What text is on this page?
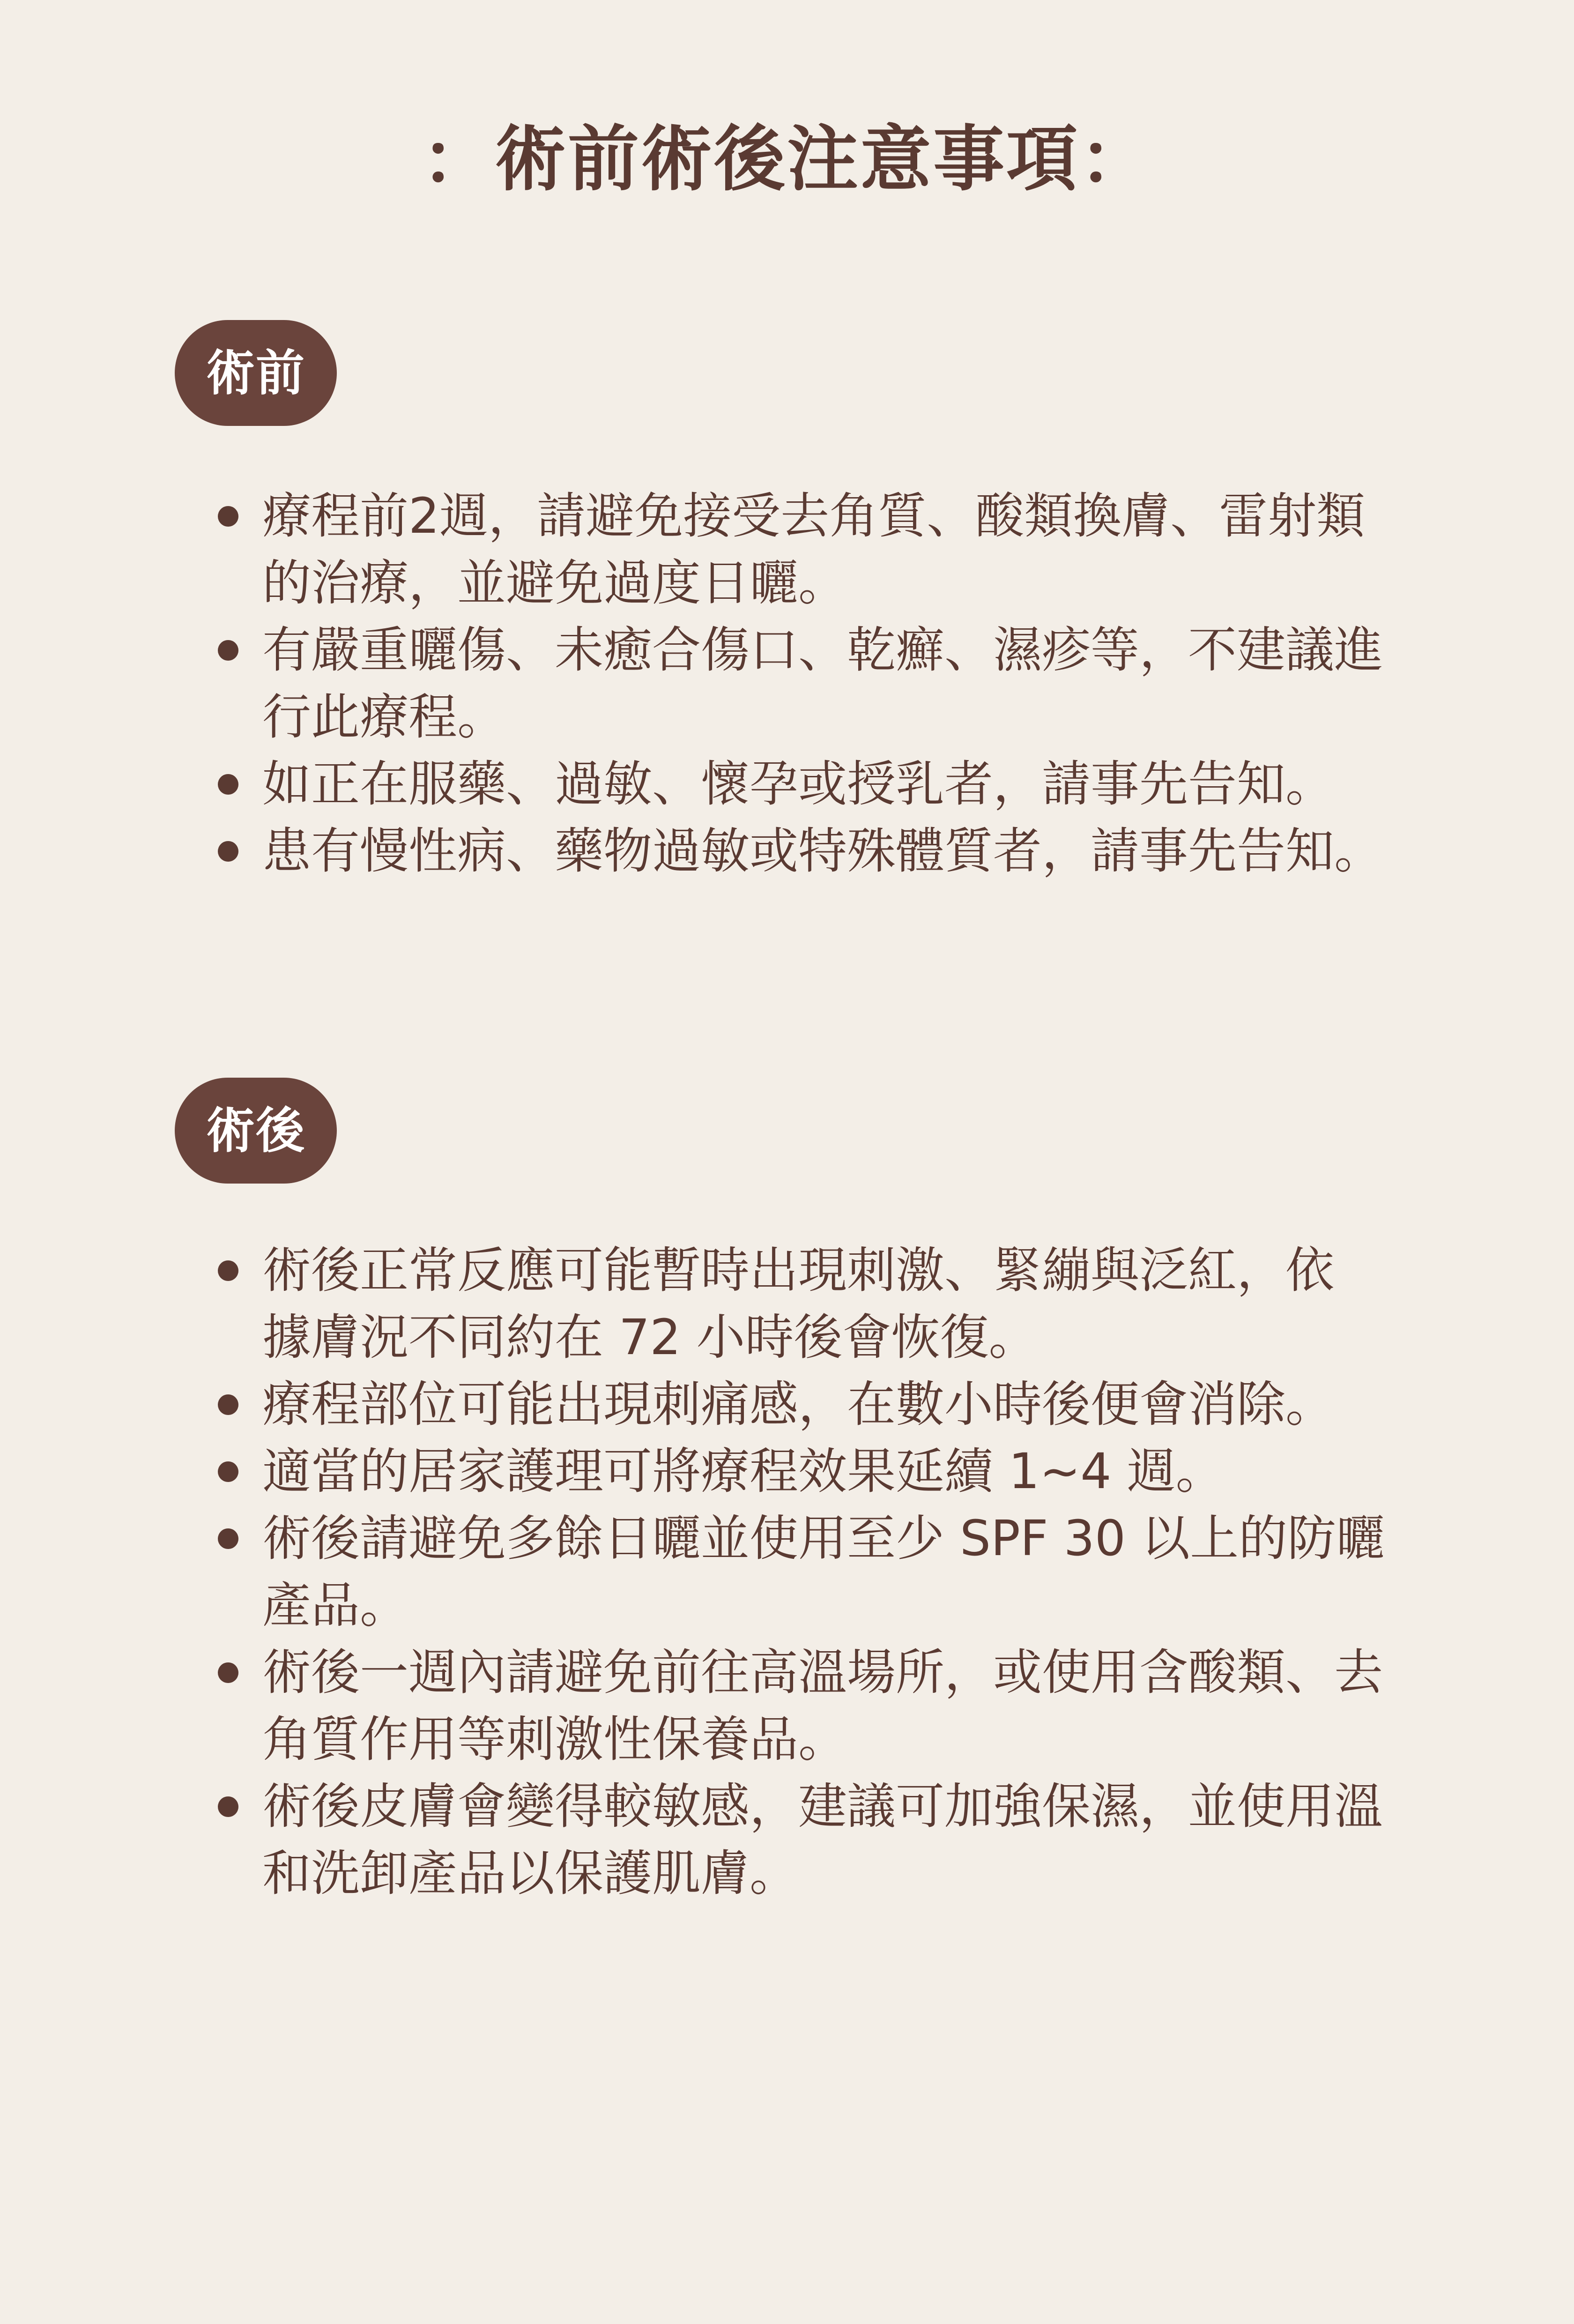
：術前術後注意事項：
術前
療程前2週，請避免接受去角質、酸類換膚、雷射類
的治療，並避免過度日曬。
有嚴重曬傷、未癒合傷口、乾癬、濕疹等，不建議進
行此療程。
如正在服藥、過敏、懷孕或授乳者，請事先告知。
患有慢性病、藥物過敏或特殊體質者，請事先告知。
術後
術後正常反應可能暫時出現刺激、緊繃與泛紅，依
據膚況不同約在 72 小時後會恢復。
療程部位可能出現刺痛感，在數小時後便會消除。
適當的居家護理可將療程效果延續 1~4 週。
術後請避免多餘日曬並使用至少 SPF 30 以上的防曬
產品。
術後一週內請避免前往高溫場所，或使用含酸類、去
角質作用等刺激性保養品。
術後皮膚會變得較敏感，建議可加強保濕，並使用溫
和洗卸產品以保護肌膚。
